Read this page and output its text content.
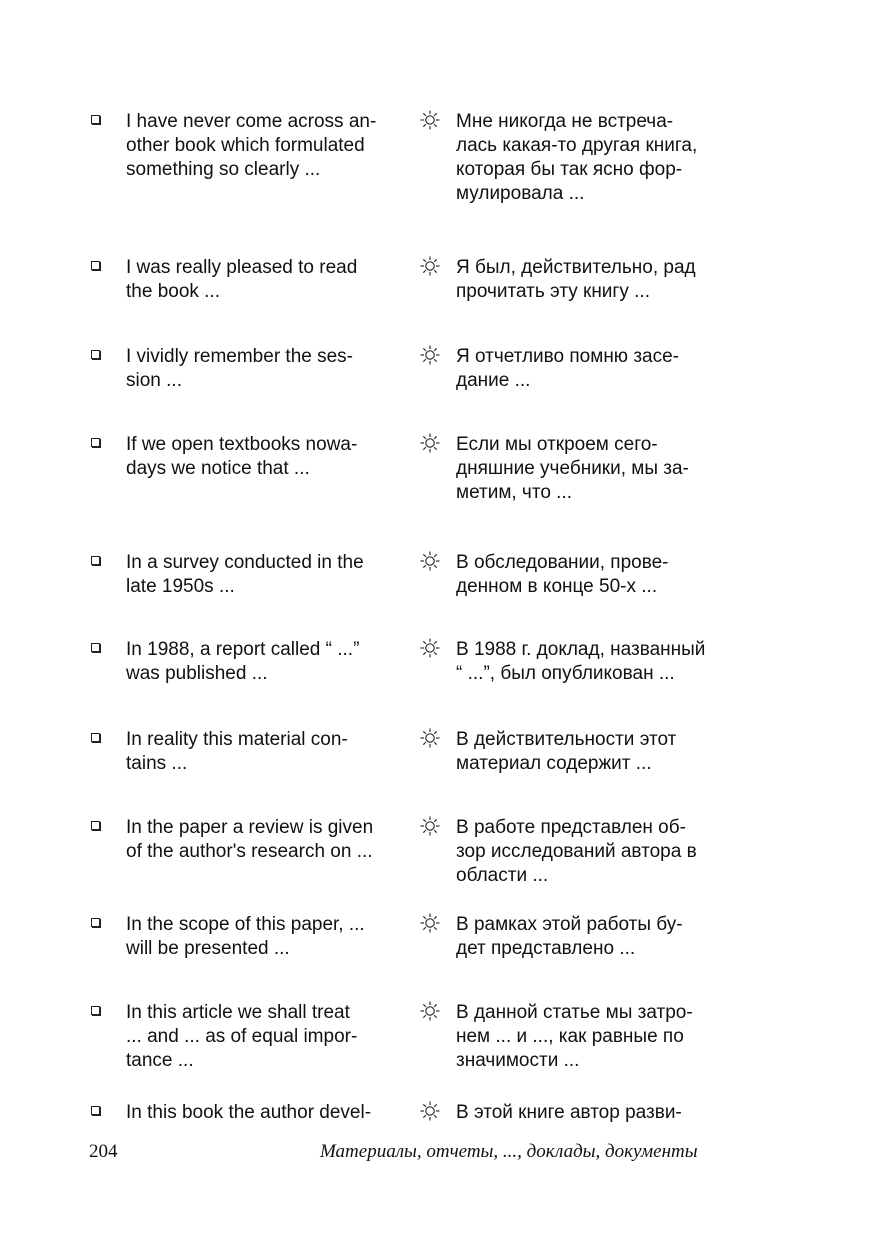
I have never come across an-
other book which formulated
something so clearly ...
Мне никогда не встреча-
лась какая-то другая книга,
которая бы так ясно фор-
мулировала ...
I was really pleased to read
the book ...
Я был, действительно, рад
прочитать эту книгу ...
I vividly remember the ses-
sion ...
Я отчетливо помню засе-
дание ...
If we open textbooks nowa-
days we notice that ...
Если мы откроем сего-
дняшние учебники, мы за-
метим, что ...
In a survey conducted in the
late 1950s ...
В обследовании, прове-
денном в конце 50-х ...
In 1988, a report called “ ...”
was published ...
В 1988 г. доклад, названный
“ ...”, был опубликован ...
In reality this material con-
tains ...
В действительности этот
материал содержит ...
In the paper a review is given
of the author's research on ...
В работе представлен об-
зор исследований автора в
области ...
In the scope of this paper, ...
will be presented ...
В рамках этой работы бу-
дет представлено ...
In this article we shall treat
... and ... as of equal impor-
tance ...
В данной статье мы затро-
нем ... и ..., как равные по
значимости ...
In this book the author devel-	В этой книге автор разви-
204	Материалы, отчеты, ..., доклады, документы
